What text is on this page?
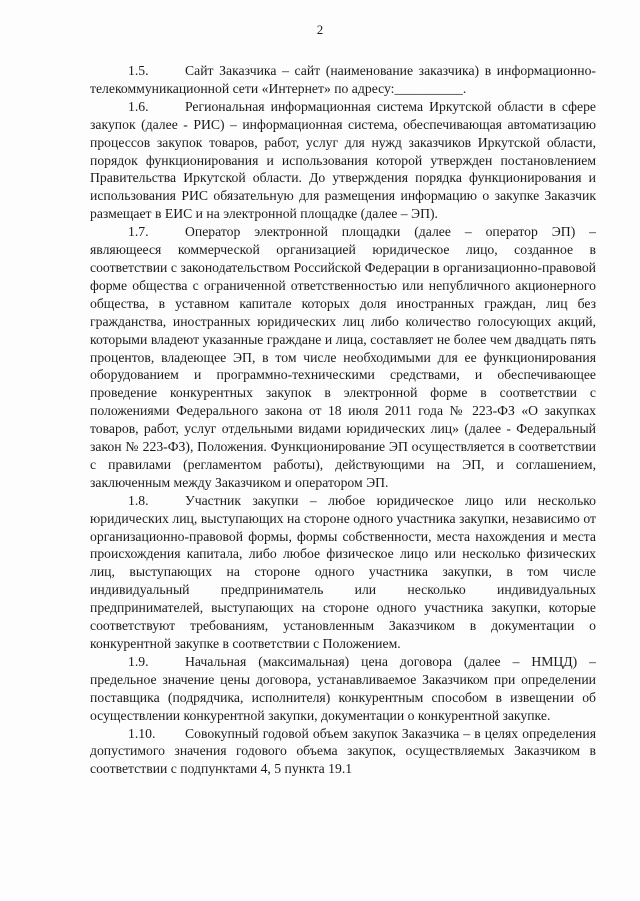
2

1.5.	Сайт Заказчика – сайт (наименование заказчика) в информационно-телекоммуникационной сети «Интернет» по адресу:__________.

1.6.	Региональная информационная система Иркутской области в сфере закупок (далее - РИС) – информационная система, обеспечивающая автоматизацию процессов закупок товаров, работ, услуг для нужд заказчиков Иркутской области, порядок функционирования и использования которой утвержден постановлением Правительства Иркутской области. До утверждения порядка функционирования и использования РИС обязательную для размещения информацию о закупке Заказчик размещает в ЕИС и на электронной площадке (далее – ЭП).

1.7.	Оператор электронной площадки (далее – оператор ЭП) – являющееся коммерческой организацией юридическое лицо, созданное в соответствии с законодательством Российской Федерации в организационно-правовой форме общества с ограниченной ответственностью или непубличного акционерного общества, в уставном капитале которых доля иностранных граждан, лиц без гражданства, иностранных юридических лиц либо количество голосующих акций, которыми владеют указанные граждане и лица, составляет не более чем двадцать пять процентов, владеющее ЭП, в том числе необходимыми для ее функционирования оборудованием и программно-техническими средствами, и обеспечивающее проведение конкурентных закупок в электронной форме в соответствии с положениями Федерального закона от 18 июля 2011 года № 223-ФЗ «О закупках товаров, работ, услуг отдельными видами юридических лиц» (далее - Федеральный закон № 223-ФЗ), Положения. Функционирование ЭП осуществляется в соответствии с правилами (регламентом работы), действующими на ЭП, и соглашением, заключенным между Заказчиком и оператором ЭП.

1.8.	Участник закупки – любое юридическое лицо или несколько юридических лиц, выступающих на стороне одного участника закупки, независимо от организационно-правовой формы, формы собственности, места нахождения и места происхождения капитала, либо любое физическое лицо или несколько физических лиц, выступающих на стороне одного участника закупки, в том числе индивидуальный предприниматель или несколько индивидуальных предпринимателей, выступающих на стороне одного участника закупки, которые соответствуют требованиям, установленным Заказчиком в документации о конкурентной закупке в соответствии с Положением.

1.9.	Начальная (максимальная) цена договора (далее – НМЦД) – предельное значение цены договора, устанавливаемое Заказчиком при определении поставщика (подрядчика, исполнителя) конкурентным способом в извещении об осуществлении конкурентной закупки, документации о конкурентной закупке.

1.10. Совокупный годовой объем закупок Заказчика – в целях определения допустимого значения годового объема закупок, осуществляемых Заказчиком в соответствии с подпунктами 4, 5 пункта 19.1
